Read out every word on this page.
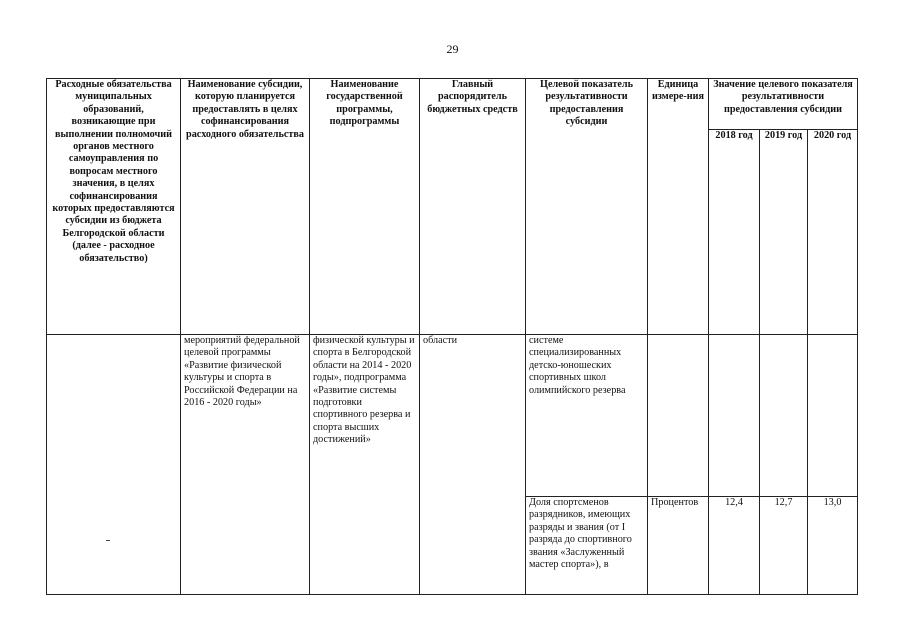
29
Расходные обязательства муниципальных образований, возникающие при выполнении полномочий органов местного самоуправления по вопросам местного значения, в целях софинансирования которых предоставляются субсидии из бюджета Белгородской области (далее - расходное обязательство)	Наименование субсидии, которую планируется предоставлять в целях софинансирования расходного обязательства	Наименование государственной программы, подпрограммы	Главный распорядитель бюджетных средств	Целевой показатель результативности предоставления субсидии	Единица измере-ния	Значение целевого показателя результативности предоставления субсидии		
						2018 год	2019 год	2020 год
	мероприятий федеральной целевой программы «Развитие физической культуры и спорта в Российской Федерации на 2016 - 2020 годы»	физической культуры и спорта в Белгородской области на 2014 - 2020 годы», подпрограмма «Развитие системы подготовки спортивного резерва и спорта высших достижений»	области	системе специализированных детско-юношеских спортивных школ олимпийского резерва				
				Доля спортсменов разрядников, имеющих разряды и звания (от I разряда до спортивного звания «Заслуженный мастер спорта»), в	Процентов	12,4	12,7	13,0
